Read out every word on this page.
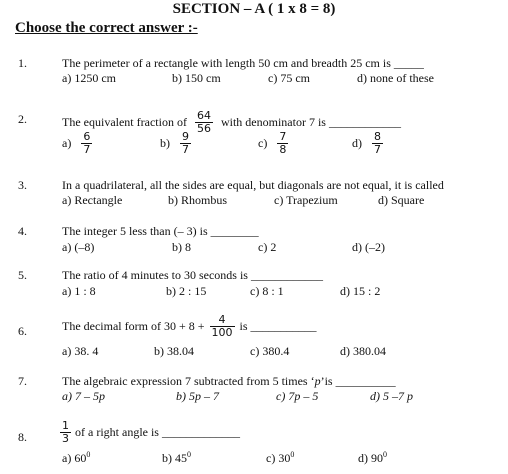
SECTION – A ( 1 x 8 = 8)
Choose the correct answer :-
1.	The perimeter of a rectangle with length 50 cm and breadth 25 cm is _____
a) 1250 cm	b) 150 cm	c) 75 cm	d) none of these
2.	The equivalent fraction of $\frac{64}{56}$ with denominator 7 is ____________
$a) \frac{6}{7}$	$b) \frac{9}{7}$	$c) \frac{7}{8}$	$d) \frac{8}{7}$
3.	In a quadrilateral, all the sides are equal, but diagonals are not equal, it is called
a) Rectangle	b) Rhombus	c) Trapezium	d) Square
4.	The integer 5 less than (– 3) is ________
a) (–8)	b) 8	c) 2	d) (–2)
5.	The ratio of 4 minutes to 30 seconds is ____________
a) 1 : 8	b) 2 : 15	c) 8 : 1	d) 15 : 2
6.	The decimal form of $30 + 8 + \frac{4}{100}$ is ___________
a) 38. 4	b) 38.04	c) 380.4	d) 380.04
7.	The algebraic expression 7 subtracted from 5 times ‘p’is __________
a) 7 – 5p	b) 5p – 7	c) 7p – 5	d) 5 –7 p
8.	$\frac{1}{3}$ of a right angle is _____________
a) $60^0$	b) $45^0$	c) $30^0$	d) $90^0$
